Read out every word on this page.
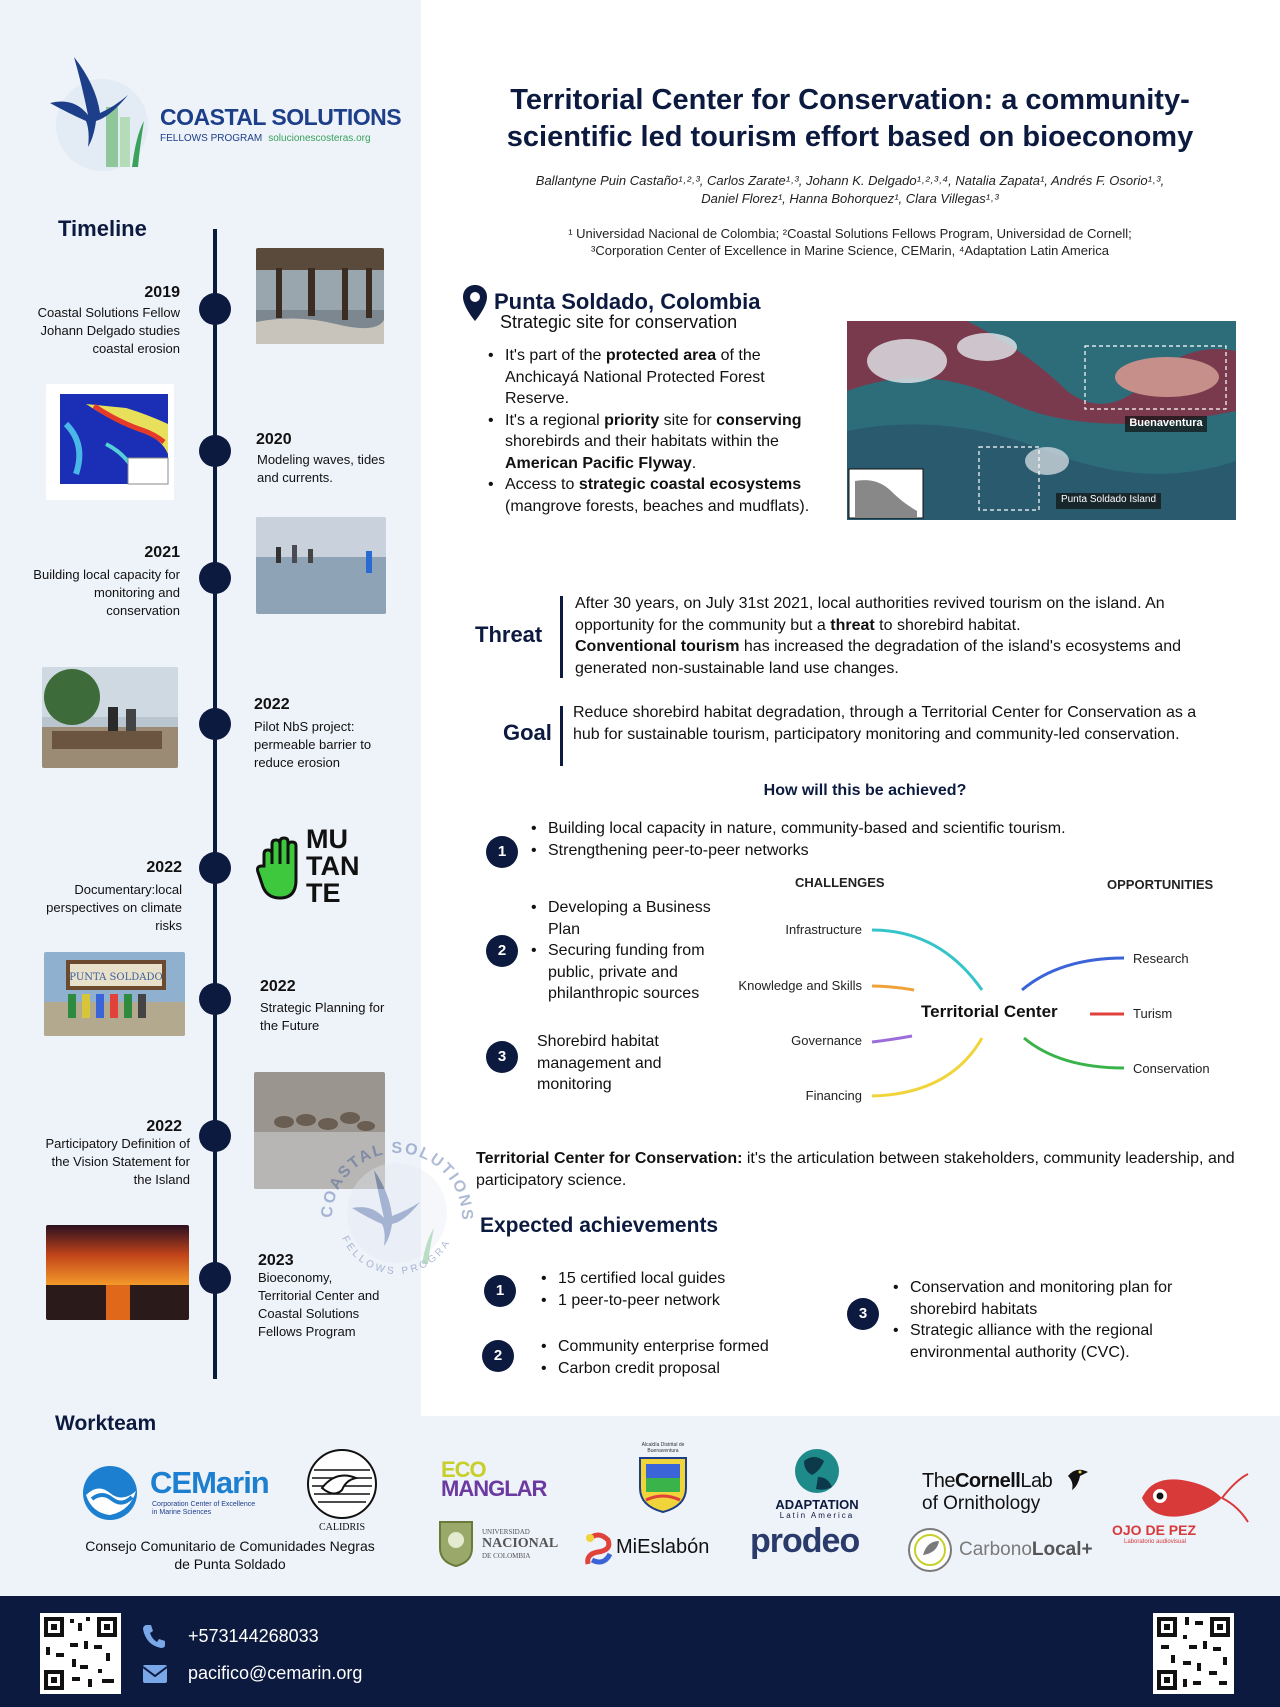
COASTAL SOLUTIONS
FELLOWS PROGRAM solucionescosteras.org
Timeline
2019
Coastal Solutions Fellow Johann Delgado studies coastal erosion
2020
Modeling waves, tides and currents.
2021
Building local capacity for monitoring and conservation
2022
Pilot NbS project: permeable barrier to reduce erosion
2022
Documentary:local perspectives on climate risks
MU
TAN
TE
PUNTA SOLDADO
2022
Strategic Planning for the Future
2022
Participatory Definition of the Vision Statement for the Island
2023
Bioeconomy, Territorial Center and Coastal Solutions Fellows Program
COASTAL SOLUTIONS
FELLOWS PROGRA
Territorial Center for Conservation: a community-
scientific led tourism effort based on bioeconomy
Ballantyne Puin Castaño¹˒²˒³, Carlos Zarate¹˒³, Johann K. Delgado¹˒²˒³˒⁴, Natalia Zapata¹, Andrés F. Osorio¹˒³,
Daniel Florez¹, Hanna Bohorquez¹, Clara Villegas¹˒³
¹ Universidad Nacional de Colombia; ²Coastal Solutions Fellows Program, Universidad de Cornell;
³Corporation Center of Excellence in Marine Science, CEMarin, ⁴Adaptation Latin America
Punta Soldado, Colombia
Strategic site for conservation
• It's part of the protected area of the Anchicayá National Protected Forest Reserve.
• It's a regional priority site for conserving shorebirds and their habitats within the American Pacific Flyway.
• Access to strategic coastal ecosystems (mangrove forests, beaches and mudflats).
Buenaventura
Punta Soldado Island
Threat
After 30 years, on July 31st 2021, local authorities revived tourism on the island. An opportunity for the community but a threat to shorebird habitat.
Conventional tourism has increased the degradation of the island's ecosystems and generated non-sustainable land use changes.
Goal
Reduce shorebird habitat degradation, through a Territorial Center for Conservation as a hub for sustainable tourism, participatory monitoring and community-led conservation.
How will this be achieved?
1
• Building local capacity in nature, community-based and scientific tourism.
• Strengthening peer-to-peer networks
2
• Developing a Business Plan
• Securing funding from public, private and philanthropic sources
3
Shorebird habitat management and monitoring
CHALLENGES	OPPORTUNITIES
Territorial Center
Infrastructure
Knowledge and Skills
Governance
Financing
Research
Turism
Conservation
Territorial Center for Conservation: it's the articulation between stakeholders, community leadership, and participatory science.
Expected achievements
1
• 15 certified local guides
• 1 peer-to-peer network
2
• Community enterprise formed
• Carbon credit proposal
3
• Conservation and monitoring plan for shorebird habitats
• Strategic alliance with the regional environmental authority (CVC).
Workteam
CEMarin
Corporation Center of Excellence
in Marine Sciences
CALIDRIS
Consejo Comunitario de Comunidades Negras de Punta Soldado
ECO
MANGLAR
UNIVERSIDAD
NACIONAL
DE COLOMBIA
Alcaldía Distrital de Buenaventura
MiEslabón
ADAPTATION
Latin America
prodeo
TheCornellLab
of Ornithology
CarbonoLocal+
OJO DE PEZ
Laboratorio audiovisual
+573144268033
pacifico@cemarin.org
